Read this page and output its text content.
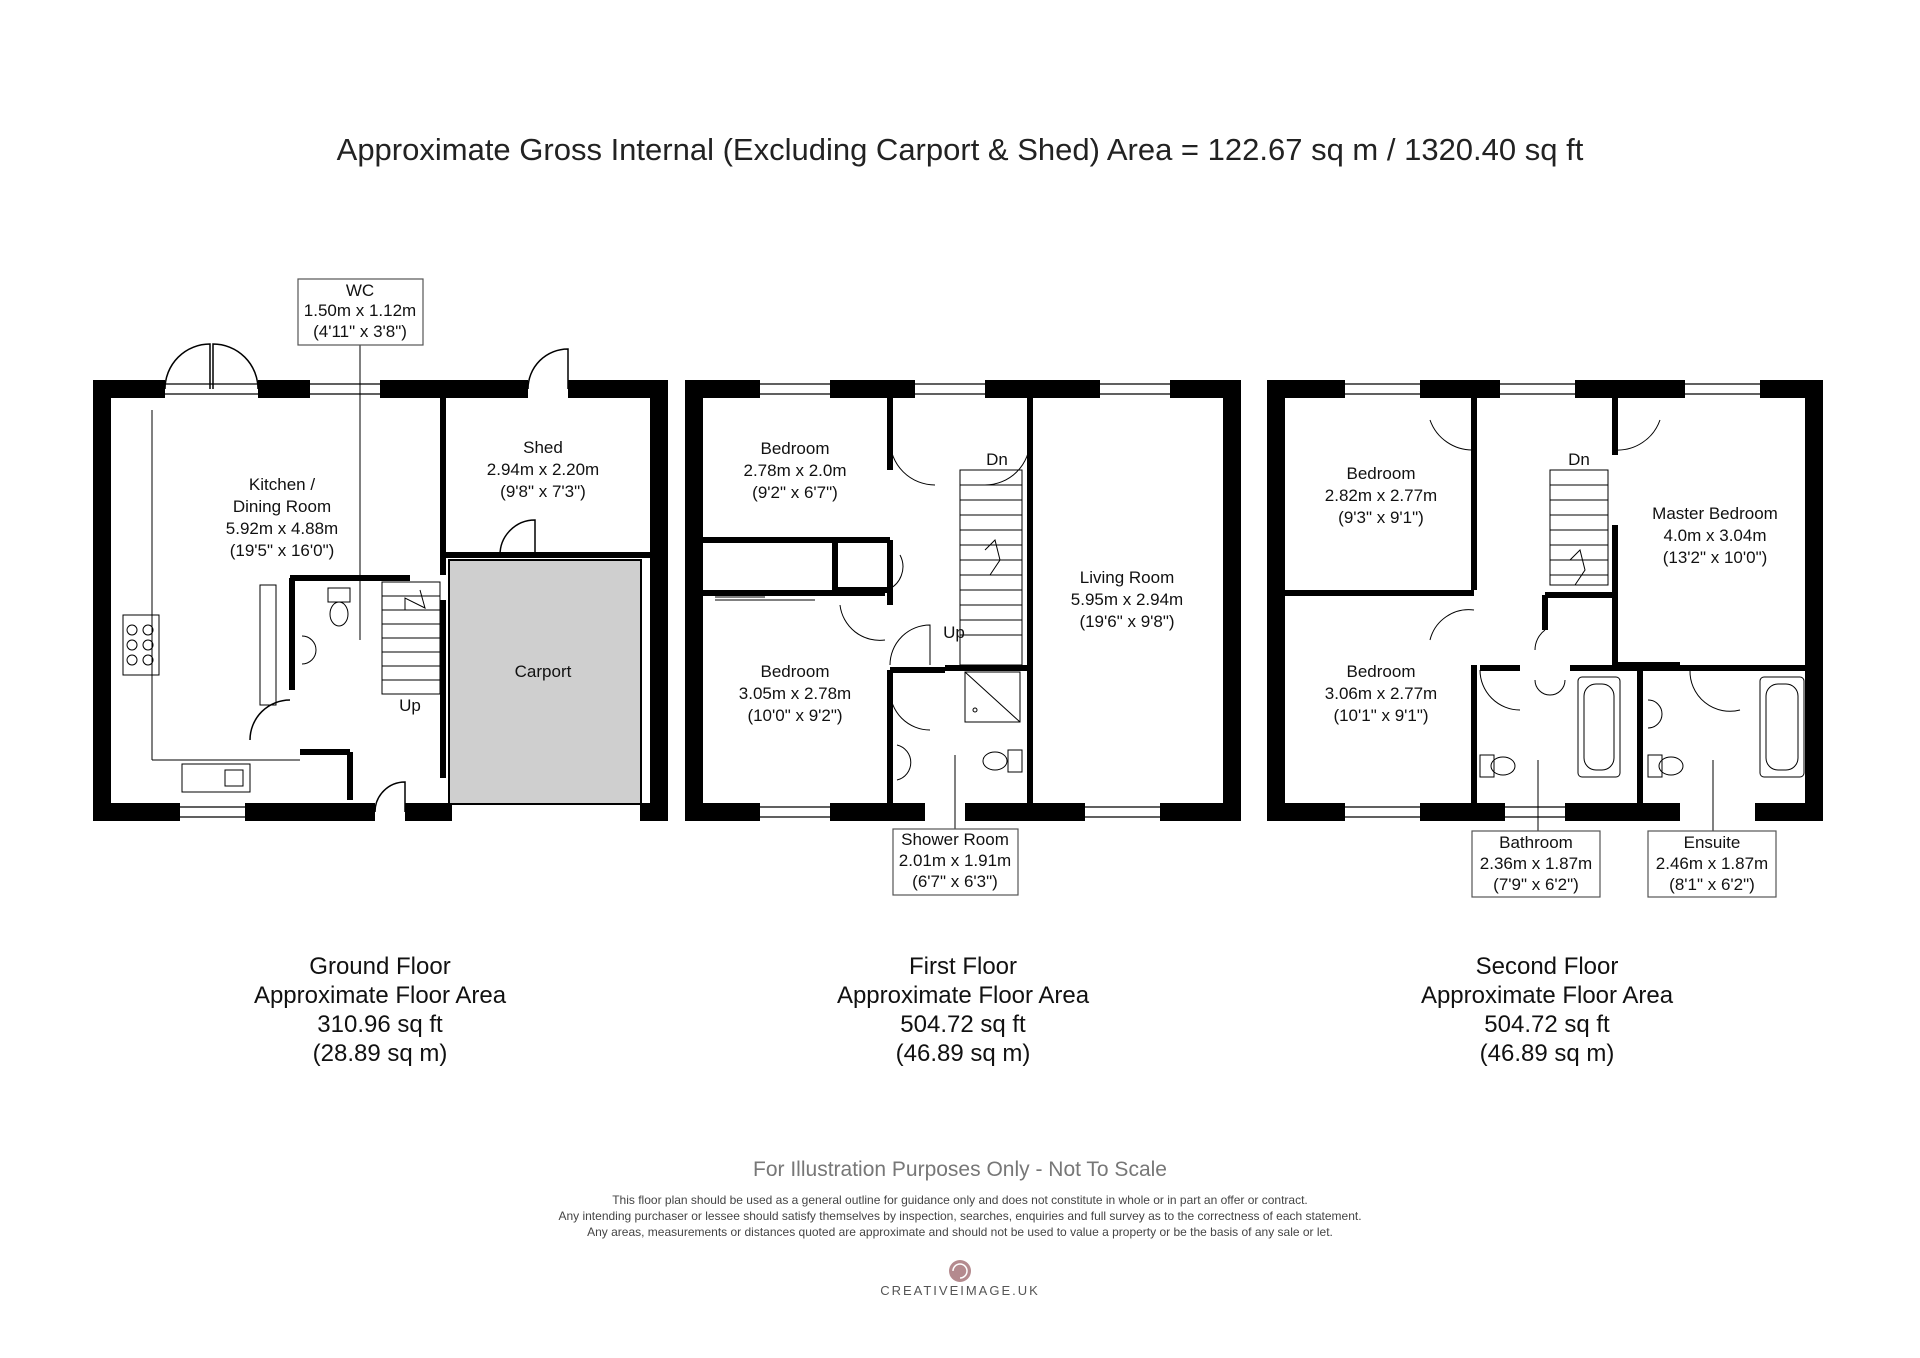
Approximate Gross Internal (Excluding Carport & Shed) Area = 122.67 sq m / 1320.40 sq ft
WC
1.50m x 1.12m
(4'11" x 3'8")
Kitchen /
Dining Room
5.92m x 4.88m
(19'5" x 16'0")
Shed
2.94m x 2.20m
(9'8" x 7'3")
Carport
Up
Bedroom
2.78m x 2.0m
(9'2" x 6'7")
Bedroom
3.05m x 2.78m
(10'0" x 9'2")
Living Room
5.95m x 2.94m
(19'6" x 9'8")
Dn
Up
Shower Room
2.01m x 1.91m
(6'7" x 6'3")
Bedroom
2.82m x 2.77m
(9'3" x 9'1")
Bedroom
3.06m x 2.77m
(10'1" x 9'1")
Master Bedroom
4.0m x 3.04m
(13'2" x 10'0")
Dn
Bathroom
2.36m x 1.87m
(7'9" x 6'2")
Ensuite
2.46m x 1.87m
(8'1" x 6'2")
Ground Floor
Approximate Floor Area
310.96 sq ft
(28.89 sq m)
First Floor
Approximate Floor Area
504.72 sq ft
(46.89 sq m)
Second Floor
Approximate Floor Area
504.72 sq ft
(46.89 sq m)
For Illustration Purposes Only - Not To Scale
This floor plan should be used as a general outline for guidance only and does not constitute in whole or in part an offer or contract.
Any intending purchaser or lessee should satisfy themselves by inspection, searches, enquiries and full survey as to the correctness of each statement.
Any areas, measurements or distances quoted are approximate and should not be used to value a property or be the basis of any sale or let.
CREATIVEIMAGE.UK
